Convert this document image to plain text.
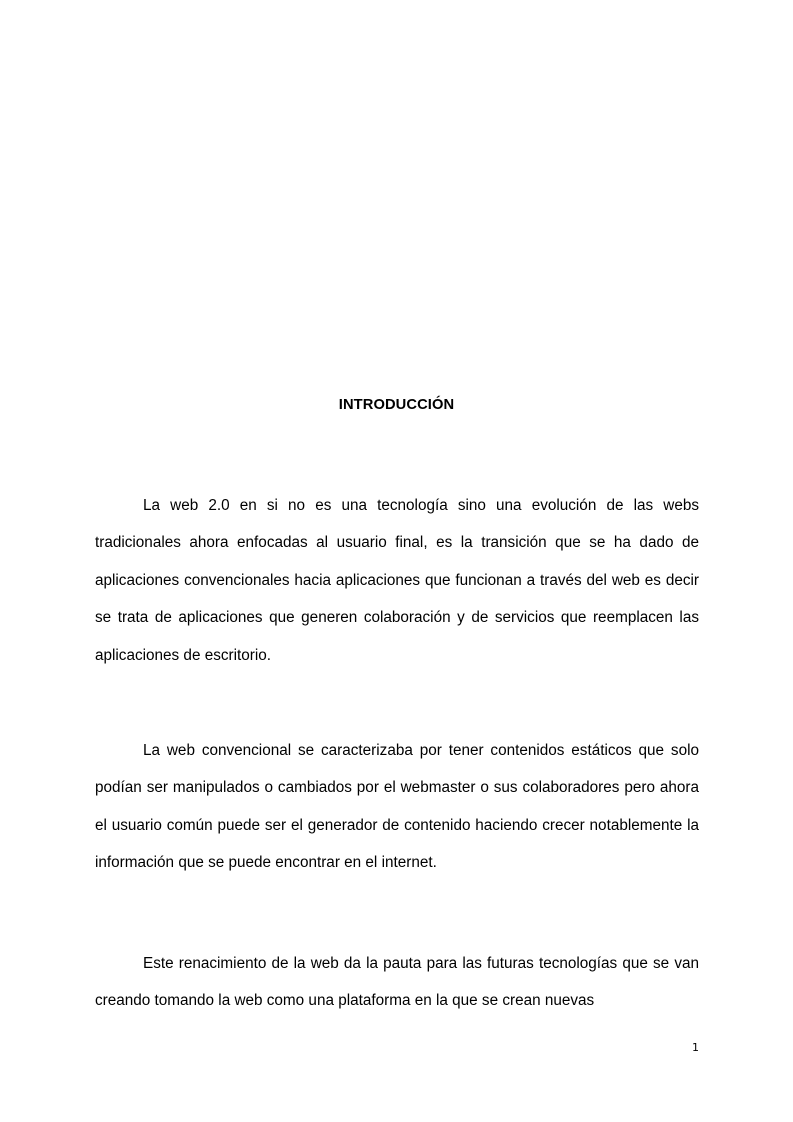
INTRODUCCIÓN

La web 2.0 en si no es una tecnología sino una evolución de las webs tradicionales ahora enfocadas al usuario final, es la transición que se ha dado de aplicaciones convencionales hacia aplicaciones que funcionan a través del web es decir se trata de aplicaciones que generen colaboración y de servicios que reemplacen las aplicaciones de escritorio.

La web convencional se caracterizaba por tener contenidos estáticos que solo podían ser manipulados o cambiados por el webmaster o sus colaboradores pero ahora el usuario común puede ser el generador de contenido haciendo crecer notablemente la información que se puede encontrar en el internet.

Este renacimiento de la web da la pauta para las futuras tecnologías que se van creando tomando la web como una plataforma en la que se crean nuevas

1
